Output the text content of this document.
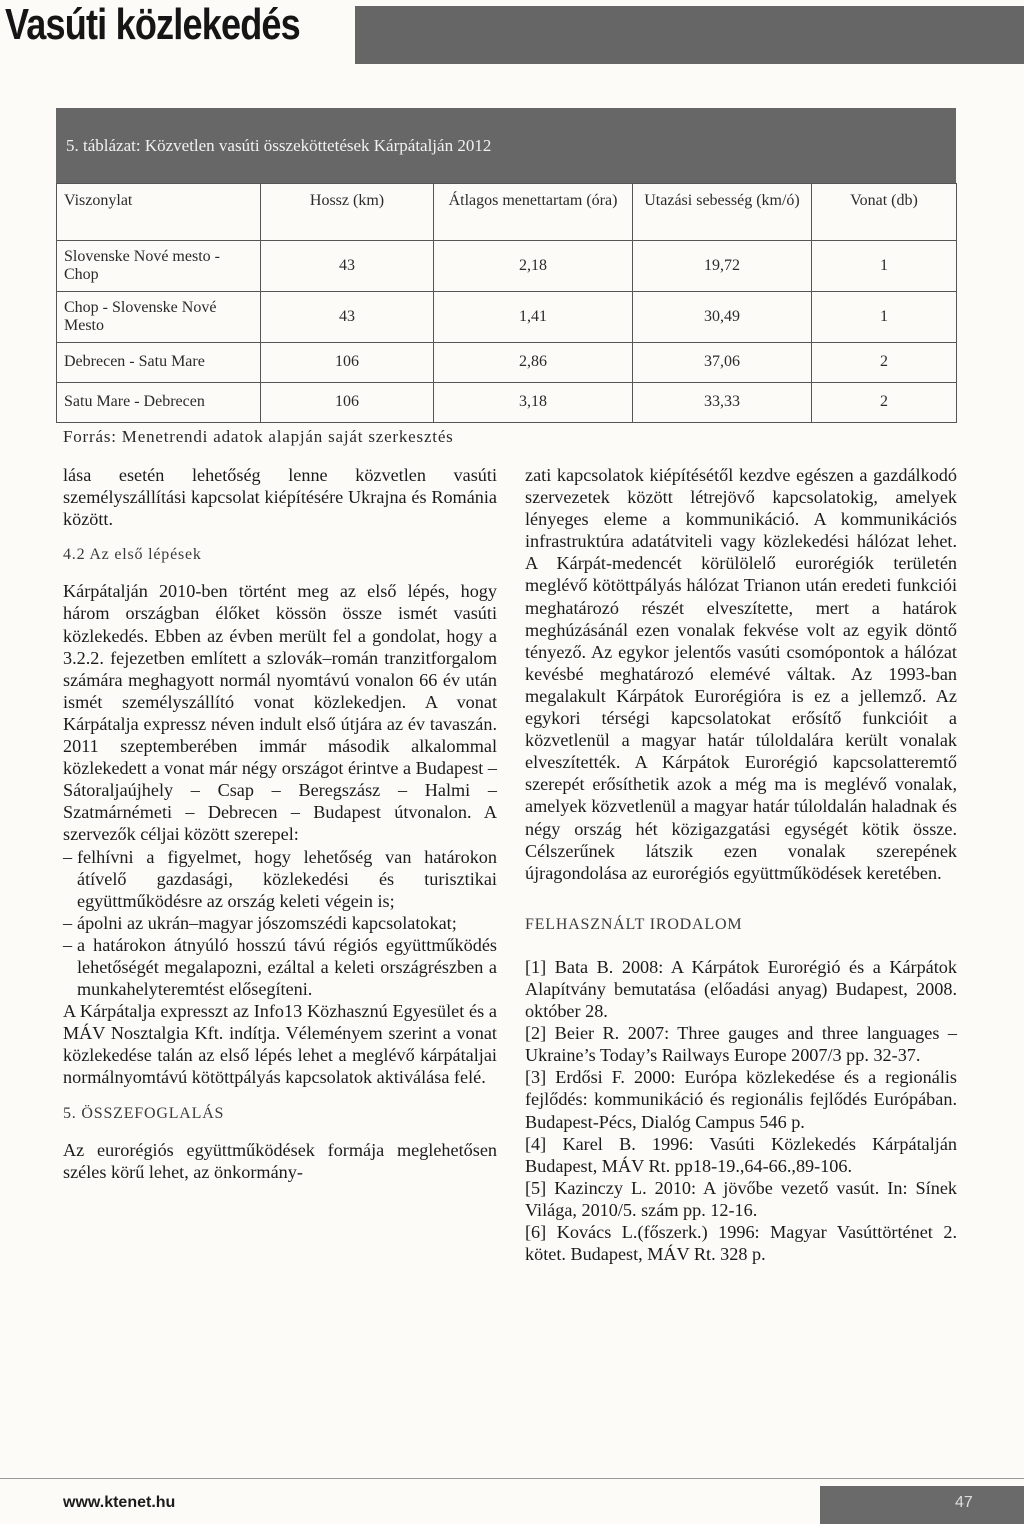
Vasúti közlekedés
5. táblázat: Közvetlen vasúti összeköttetések Kárpátalján 2012
Viszonylat	Hossz (km)	Átlagos menettartam (óra)	Utazási sebesség (km/ó)	Vonat (db)
Slovenske Nové mesto - Chop	43	2,18	19,72	1
Chop - Slovenske Nové Mesto	43	1,41	30,49	1
Debrecen - Satu Mare	106	2,86	37,06	2
Satu Mare - Debrecen	106	3,18	33,33	2
Forrás: Menetrendi adatok alapján saját szerkesztés

lása esetén lehetőség lenne közvetlen vasúti személyszállítási kapcsolat kiépítésére Ukrajna és Románia között.

4.2 Az első lépések

Kárpátalján 2010-ben történt meg az első lépés, hogy három országban élőket kössön össze ismét vasúti közlekedés. Ebben az évben merült fel a gondolat, hogy a 3.2.2. fejezetben említett a szlovák–román tranzitforgalom számára meghagyott normál nyomtávú vonalon 66 év után ismét személyszállító vonat közlekedjen. A vonat Kárpátalja expressz néven indult első útjára az év tavaszán. 2011 szeptemberében immár második alkalommal közlekedett a vonat már négy országot érintve a Budapest – Sátoraljaújhely – Csap – Beregszász – Halmi – Szatmárnémeti – Debrecen – Budapest útvonalon. A szervezők céljai között szerepel:

– felhívni a figyelmet, hogy lehetőség van határokon átívelő gazdasági, közlekedési és turisztikai együttműködésre az ország keleti végein is;
– ápolni az ukrán–magyar jószomszédi kapcsolatokat;
– a határokon átnyúló hosszú távú régiós együttműködés lehetőségét megalapozni, ezáltal a keleti országrészben a munkahelyteremtést elősegíteni.

A Kárpátalja expresszt az Info13 Közhasznú Egyesület és a MÁV Nosztalgia Kft. indítja. Véleményem szerint a vonat közlekedése talán az első lépés lehet a meglévő kárpátaljai normálnyomtávú kötöttpályás kapcsolatok aktiválása felé.

5. ÖSSZEFOGLALÁS

Az eurorégiós együttműködések formája meglehetősen széles körű lehet, az önkormány-

zati kapcsolatok kiépítésétől kezdve egészen a gazdálkodó szervezetek között létrejövő kapcsolatokig, amelyek lényeges eleme a kommunikáció. A kommunikációs infrastruktúra adatátviteli vagy közlekedési hálózat lehet. A Kárpát-medencét körülölelő eurorégiók területén meglévő kötöttpályás hálózat Trianon után eredeti funkciói meghatározó részét elveszítette, mert a határok meghúzásánál ezen vonalak fekvése volt az egyik döntő tényező. Az egykor jelentős vasúti csomópontok a hálózat kevésbé meghatározó elemévé váltak. Az 1993-ban megalakult Kárpátok Eurorégióra is ez a jellemző. Az egykori térségi kapcsolatokat erősítő funkcióit a közvetlenül a magyar határ túloldalára került vonalak elveszítették. A Kárpátok Eurorégió kapcsolatteremtő szerepét erősíthetik azok a még ma is meglévő vonalak, amelyek közvetlenül a magyar határ túloldalán haladnak és négy ország hét közigazgatási egységét kötik össze. Célszerűnek látszik ezen vonalak szerepének újragondolása az eurorégiós együttműködések keretében.

FELHASZNÁLT IRODALOM

[1] Bata B. 2008: A Kárpátok Eurorégió és a Kárpátok Alapítvány bemutatása (előadási anyag) Budapest, 2008. október 28.

[2] Beier R. 2007: Three gauges and three languages – Ukraine’s Today’s Railways Europe 2007/3 pp. 32-37.

[3] Erdősi F. 2000: Európa közlekedése és a regionális fejlődés: kommunikáció és regionális fejlődés Európában. Budapest-Pécs, Dialóg Campus 546 p.

[4] Karel B. 1996: Vasúti Közlekedés Kárpátalján Budapest, MÁV Rt. pp18-19.,64-66.,89-106.

[5] Kazinczy L. 2010: A jövőbe vezető vasút. In: Sínek Világa, 2010/5. szám pp. 12-16.

[6] Kovács L.(főszerk.) 1996: Magyar Vasúttörténet 2. kötet. Budapest, MÁV Rt. 328 p.

www.ktenet.hu	47
